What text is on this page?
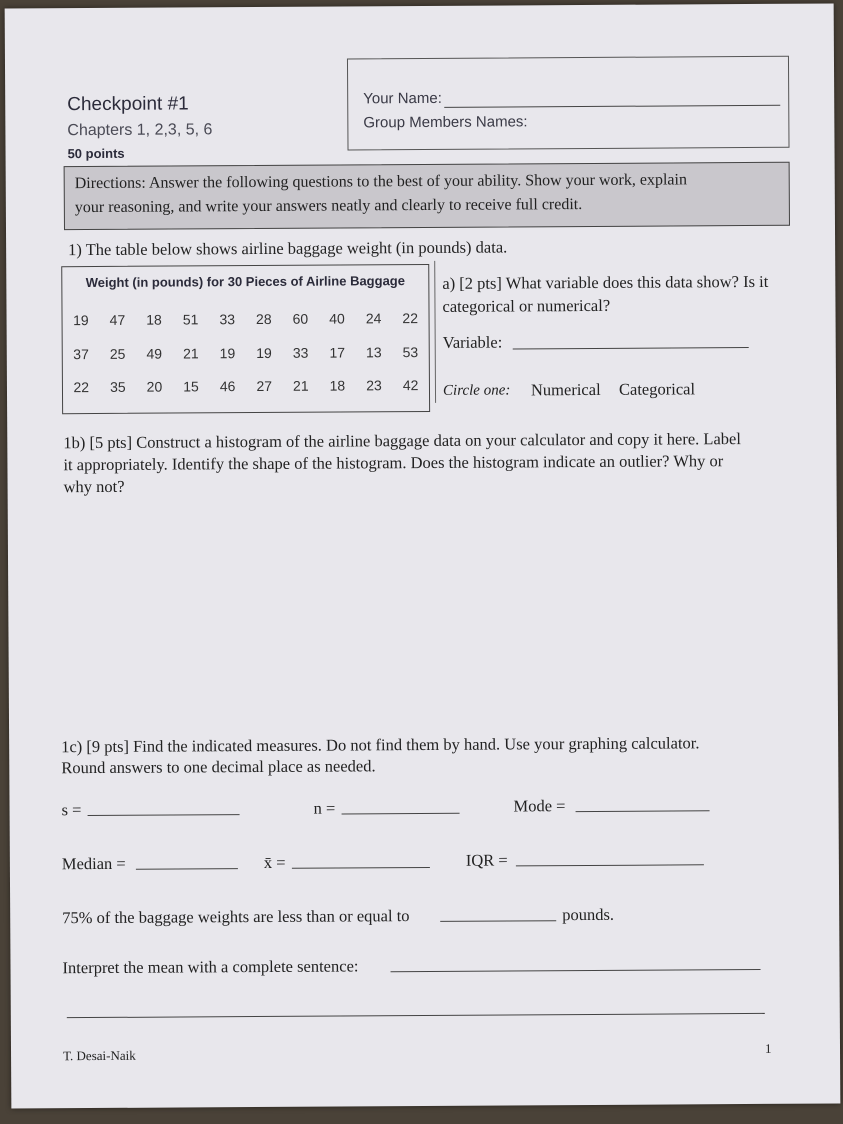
Checkpoint #1
Chapters 1, 2,3, 5, 6
50 points
Your Name:
Group Members Names:
Directions: Answer the following questions to the best of your ability. Show your work, explain
your reasoning, and write your answers neatly and clearly to receive full credit.
1) The table below shows airline baggage weight (in pounds) data.
Weight (in pounds) for 30 Pieces of Airline Baggage
19 47 18 51 33 28 60 40 24 22
37 25 49 21 19 19 33 17 13 53
22 35 20 15 46 27 21 18 23 42
a) [2 pts] What variable does this data show? Is it
categorical or numerical?
Variable:
Circle one: Numerical Categorical
1b) [5 pts] Construct a histogram of the airline baggage data on your calculator and copy it here. Label
it appropriately. Identify the shape of the histogram. Does the histogram indicate an outlier? Why or
why not?
1c) [9 pts] Find the indicated measures. Do not find them by hand. Use your graphing calculator.
Round answers to one decimal place as needed.
s =	n =	Mode =
Median =	x̄ =	IQR =
75% of the baggage weights are less than or equal to	pounds.
Interpret the mean with a complete sentence:
T. Desai-Naik	1
